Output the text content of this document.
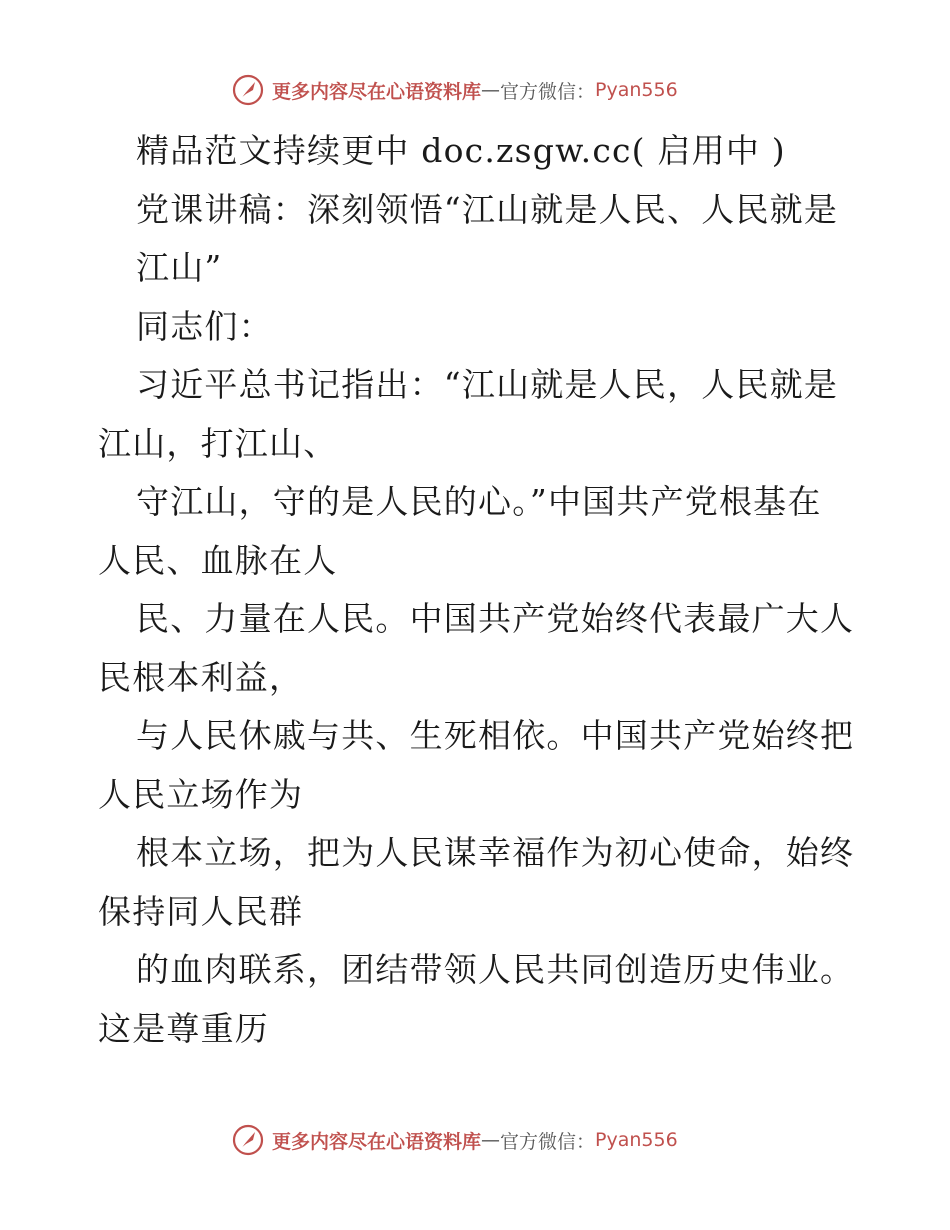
更多内容尽在心语资料库 — 官方微信： Pyan556
精品范文持续更中 doc.zsgw.cc( 启用中 )
党课讲稿：深刻领悟“江山就是人民、人民就是
江山”
同志们：
习近平总书记指出：“江山就是人民，人民就是
江山，打江山、
守江山，守的是人民的心。”中国共产党根基在
人民、血脉在人
民、力量在人民。中国共产党始终代表最广大人
民根本利益，
与人民休戚与共、生死相依。中国共产党始终把
人民立场作为
根本立场，把为人民谋幸福作为初心使命，始终
保持同人民群
的血肉联系，团结带领人民共同创造历史伟业。
这是尊重历
更多内容尽在心语资料库 — 官方微信： Pyan556
